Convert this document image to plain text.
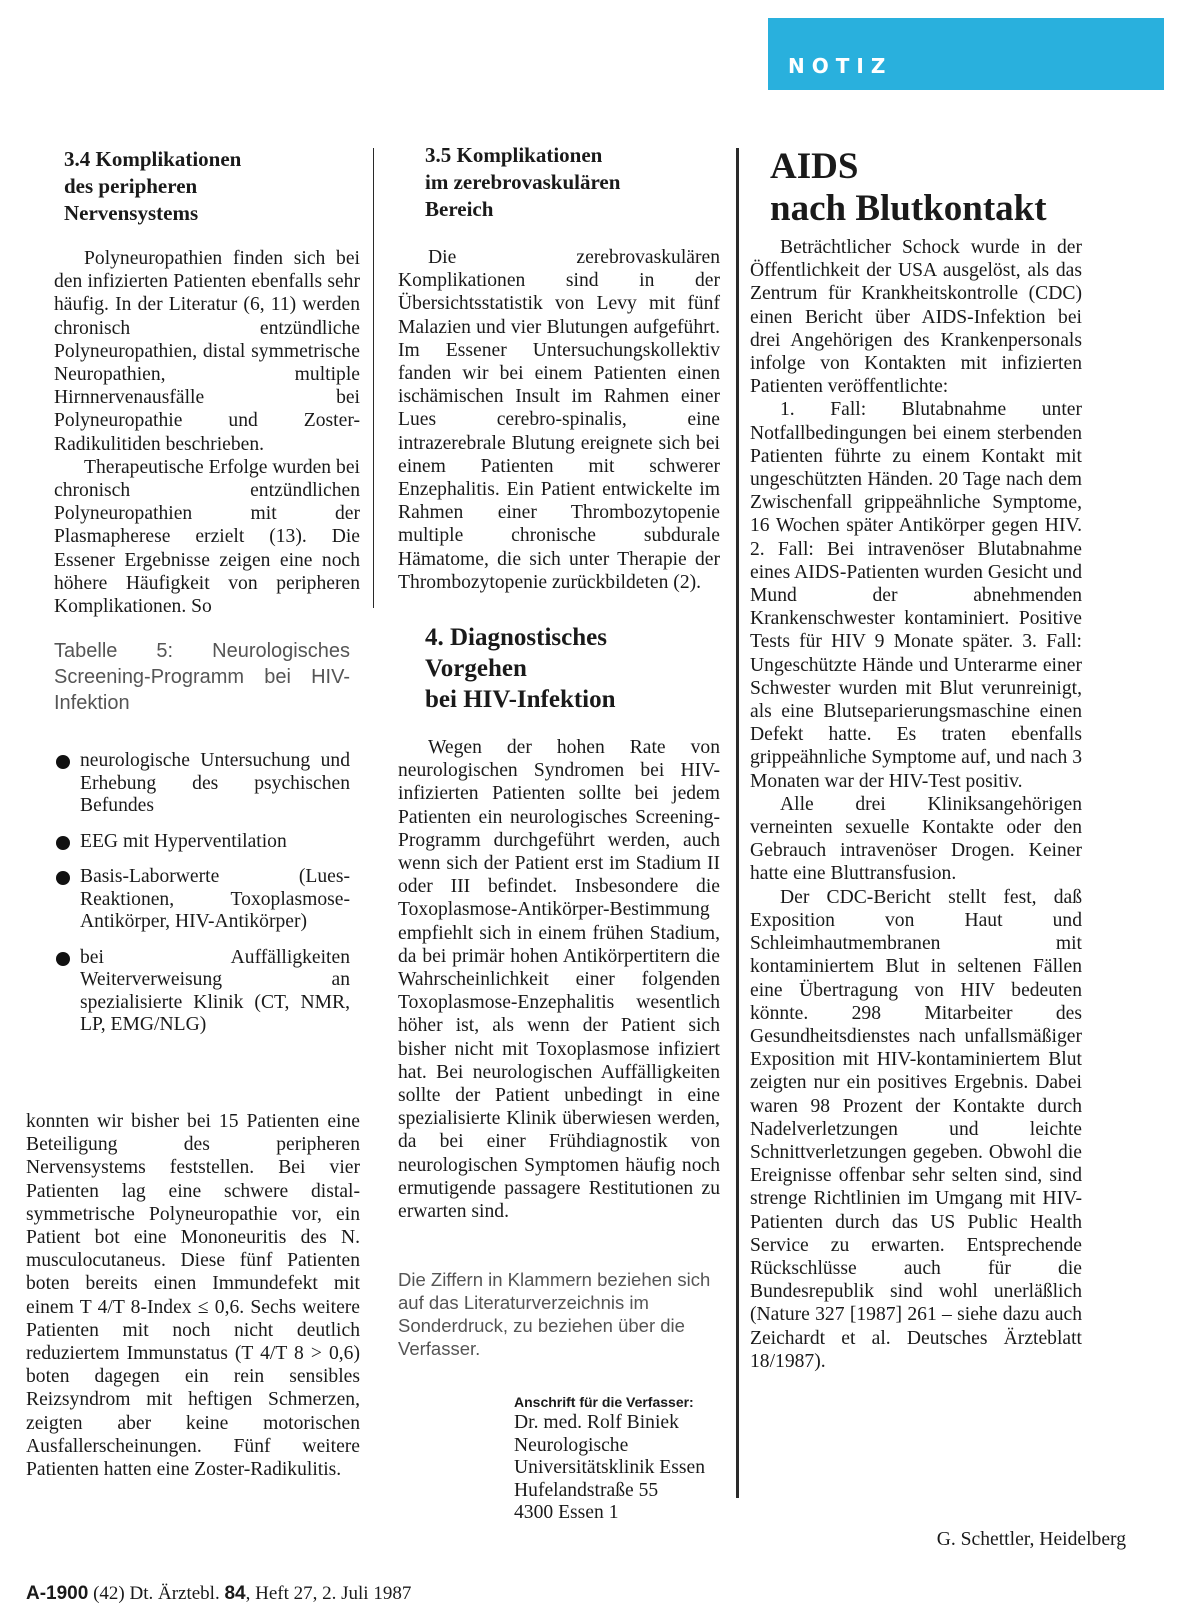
NOTIZ
3.4 Komplikationen
des peripheren
Nervensystems

Polyneuropathien finden sich bei den infizierten Patienten ebenfalls sehr häufig. In der Literatur (6, 11) werden chronisch entzündliche Polyneuropathien, distal symmetrische Neuropathien, multiple Hirnnervenausfälle bei Polyneuropathie und Zoster-Radikulitiden beschrieben.

Therapeutische Erfolge wurden bei chronisch entzündlichen Polyneuropathien mit der Plasmapherese erzielt (13). Die Essener Ergebnisse zeigen eine noch höhere Häufigkeit von peripheren Komplikationen. So

Tabelle 5: Neurologisches Screening-Programm bei HIV-Infektion
neurologische Untersuchung und Erhebung des psychischen Befundes
EEG mit Hyperventilation
Basis-Laborwerte (Lues-Reaktionen, Toxoplasmose-Antikörper, HIV-Antikörper)
bei Auffälligkeiten Weiterverweisung an spezialisierte Klinik (CT, NMR, LP, EMG/NLG)

konnten wir bisher bei 15 Patienten eine Beteiligung des peripheren Nervensystems feststellen. Bei vier Patienten lag eine schwere distal-symmetrische Polyneuropathie vor, ein Patient bot eine Mononeuritis des N. musculocutaneus. Diese fünf Patienten boten bereits einen Immundefekt mit einem T 4/T 8-Index ≤ 0,6. Sechs weitere Patienten mit noch nicht deutlich reduziertem Immunstatus (T 4/T 8 > 0,6) boten dagegen ein rein sensibles Reizsyndrom mit heftigen Schmerzen, zeigten aber keine motorischen Ausfallerscheinungen. Fünf weitere Patienten hatten eine Zoster-Radikulitis.

3.5 Komplikationen
im zerebrovaskulären
Bereich

Die zerebrovaskulären Komplikationen sind in der Übersichtsstatistik von Levy mit fünf Malazien und vier Blutungen aufgeführt. Im Essener Untersuchungskollektiv fanden wir bei einem Patienten einen ischämischen Insult im Rahmen einer Lues cerebro-spinalis, eine intrazerebrale Blutung ereignete sich bei einem Patienten mit schwerer Enzephalitis. Ein Patient entwickelte im Rahmen einer Thrombozytopenie multiple chronische subdurale Hämatome, die sich unter Therapie der Thrombozytopenie zurückbildeten (2).

4. Diagnostisches
Vorgehen
bei HIV-Infektion

Wegen der hohen Rate von neurologischen Syndromen bei HIV-infizierten Patienten sollte bei jedem Patienten ein neurologisches Screening-Programm durchgeführt werden, auch wenn sich der Patient erst im Stadium II oder III befindet. Insbesondere die Toxoplasmose-Antikörper-Bestimmung empfiehlt sich in einem frühen Stadium, da bei primär hohen Antikörpertitern die Wahrscheinlichkeit einer folgenden Toxoplasmose-Enzephalitis wesentlich höher ist, als wenn der Patient sich bisher nicht mit Toxoplasmose infiziert hat. Bei neurologischen Auffälligkeiten sollte der Patient unbedingt in eine spezialisierte Klinik überwiesen werden, da bei einer Frühdiagnostik von neurologischen Symptomen häufig noch ermutigende passagere Restitutionen zu erwarten sind.

Die Ziffern in Klammern beziehen sich auf das Literaturverzeichnis im Sonderdruck, zu beziehen über die Verfasser.
Anschrift für die Verfasser:
Dr. med. Rolf Biniek
Neurologische
Universitätsklinik Essen
Hufelandstraße 55
4300 Essen 1
AIDS
nach Blutkontakt

Beträchtlicher Schock wurde in der Öffentlichkeit der USA ausgelöst, als das Zentrum für Krankheitskontrolle (CDC) einen Bericht über AIDS-Infektion bei drei Angehörigen des Krankenpersonals infolge von Kontakten mit infizierten Patienten veröffentlichte:

1. Fall: Blutabnahme unter Notfallbedingungen bei einem sterbenden Patienten führte zu einem Kontakt mit ungeschützten Händen. 20 Tage nach dem Zwischenfall grippeähnliche Symptome, 16 Wochen später Antikörper gegen HIV. 2. Fall: Bei intravenöser Blutabnahme eines AIDS-Patienten wurden Gesicht und Mund der abnehmenden Krankenschwester kontaminiert. Positive Tests für HIV 9 Monate später. 3. Fall: Ungeschützte Hände und Unterarme einer Schwester wurden mit Blut verunreinigt, als eine Blutseparierungsmaschine einen Defekt hatte. Es traten ebenfalls grippeähnliche Symptome auf, und nach 3 Monaten war der HIV-Test positiv.

Alle drei Kliniksangehörigen verneinten sexuelle Kontakte oder den Gebrauch intravenöser Drogen. Keiner hatte eine Bluttransfusion.

Der CDC-Bericht stellt fest, daß Exposition von Haut und Schleimhautmembranen mit kontaminiertem Blut in seltenen Fällen eine Übertragung von HIV bedeuten könnte. 298 Mitarbeiter des Gesundheitsdienstes nach unfallsmäßiger Exposition mit HIV-kontaminiertem Blut zeigten nur ein positives Ergebnis. Dabei waren 98 Prozent der Kontakte durch Nadelverletzungen und leichte Schnittverletzungen gegeben. Obwohl die Ereignisse offenbar sehr selten sind, sind strenge Richtlinien im Umgang mit HIV-Patienten durch das US Public Health Service zu erwarten. Entsprechende Rückschlüsse auch für die Bundesrepublik sind wohl unerläßlich (Nature 327 [1987] 261 – siehe dazu auch Zeichardt et al. Deutsches Ärzteblatt 18/1987).

G. Schettler, Heidelberg
A-1900 (42) Dt. Ärztebl. 84, Heft 27, 2. Juli 1987
